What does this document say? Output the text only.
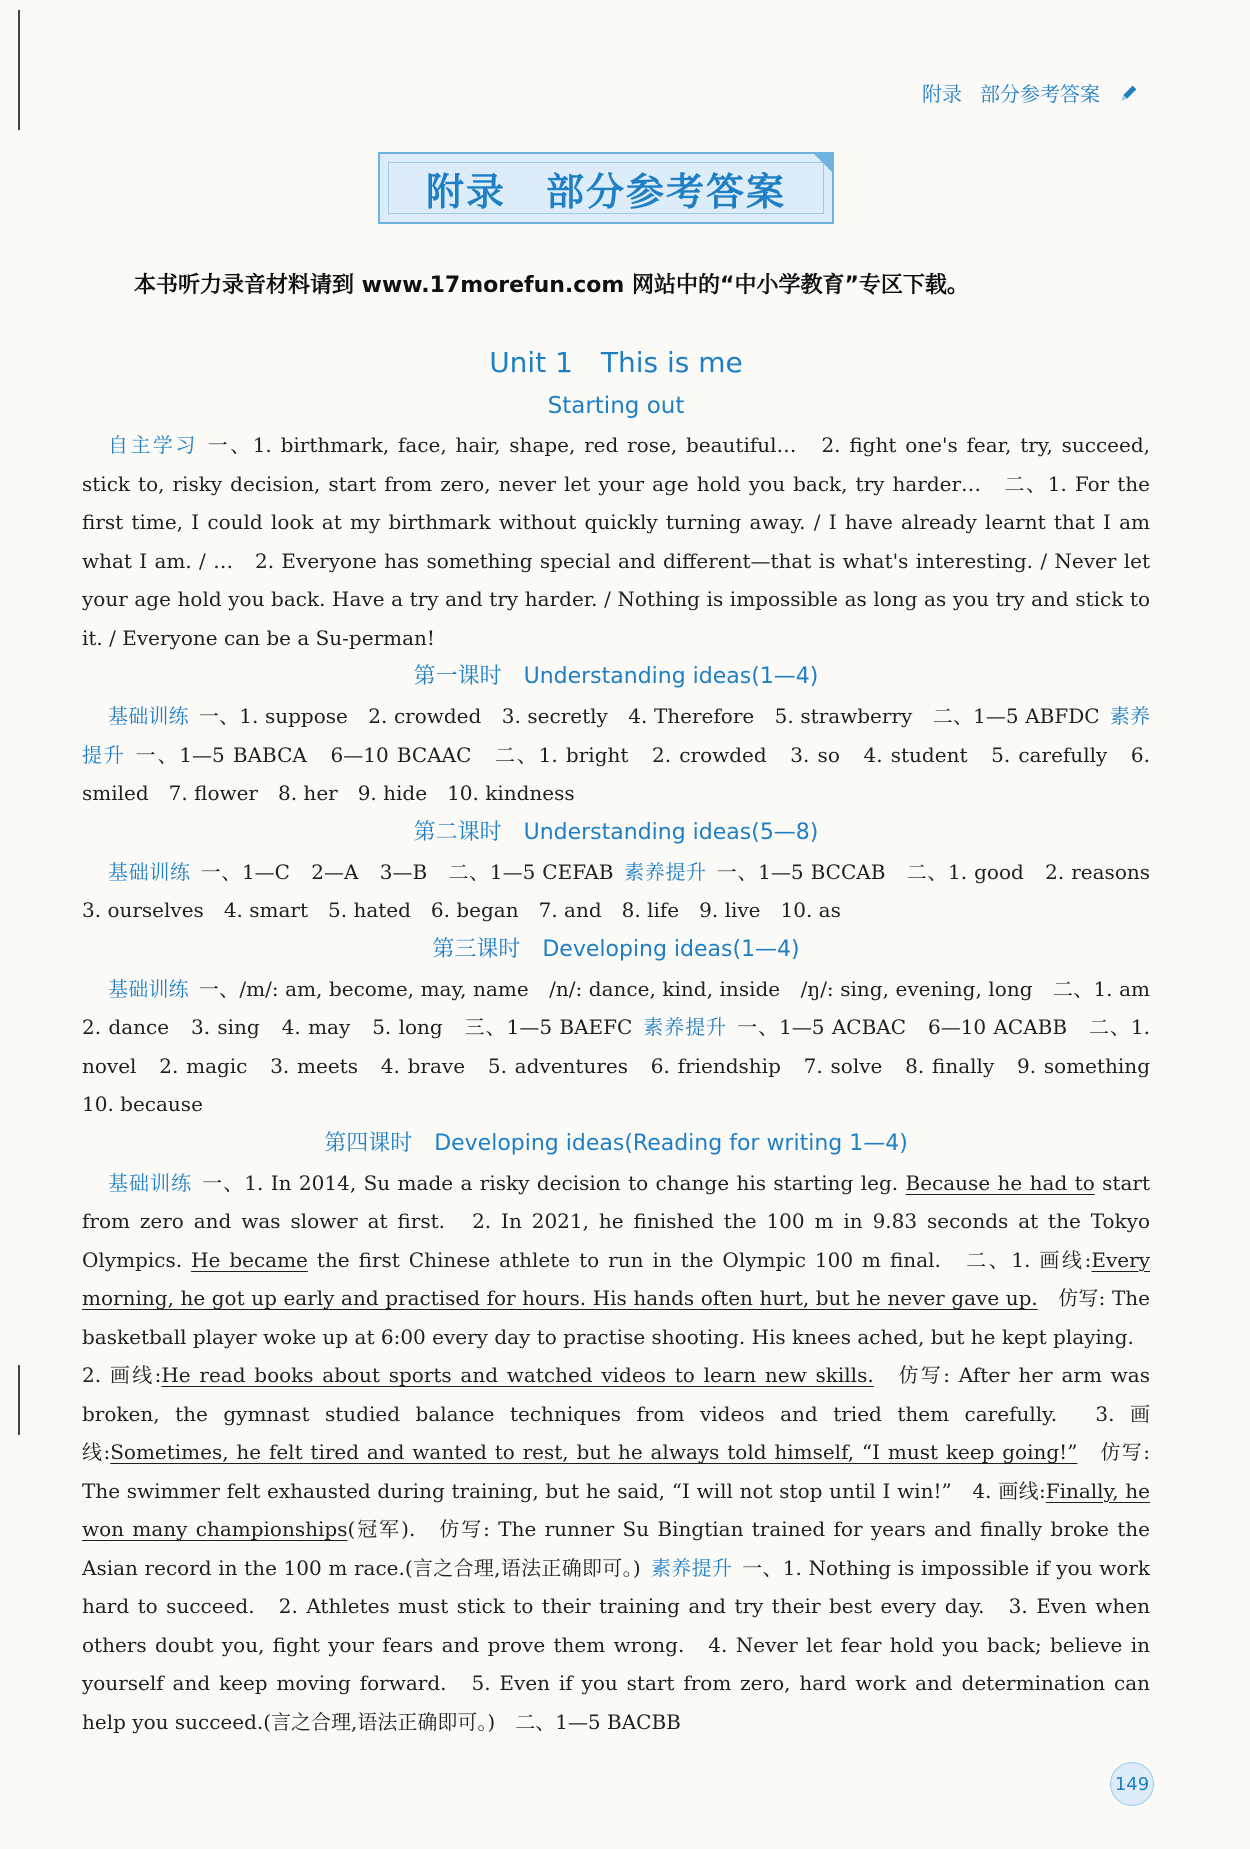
附录 部分参考答案
附录　部分参考答案
本书听力录音材料请到 www.17morefun.com 网站中的“中小学教育”专区下载。
Unit 1　This is me
Starting out

自主学习 一、1. birthmark, face, hair, shape, red rose, beautiful…　2. fight one's fear, try, succeed, stick to, risky decision, start from zero, never let your age hold you back, try harder…　二、1. For the first time, I could look at my birthmark without quickly turning away. / I have already learnt that I am what I am. / …　2. Everyone has something special and different—that is what's interesting. / Never let your age hold you back. Have a try and try harder. / Nothing is impossible as long as you try and stick to it. / Everyone can be a Su-perman!

第一课时　Understanding ideas(1—4)

基础训练 一、1. suppose　2. crowded　3. secretly　4. Therefore　5. strawberry　二、1—5 ABFDC 素养提升 一、1—5 BABCA　6—10 BCAAC　二、1. bright　2. crowded　3. so　4. student　5. carefully　6. smiled　7. flower　8. her　9. hide　10. kindness

第二课时　Understanding ideas(5—8)

基础训练 一、1—C　2—A　3—B　二、1—5 CEFAB 素养提升 一、1—5 BCCAB　二、1. good　2. reasons　3. ourselves　4. smart　5. hated　6. began　7. and　8. life　9. live　10. as

第三课时　Developing ideas(1—4)

基础训练 一、/m/: am, become, may, name　/n/: dance, kind, inside　/ŋ/: sing, evening, long　二、1. am　2. dance　3. sing　4. may　5. long　三、1—5 BAEFC 素养提升 一、1—5 ACBAC　6—10 ACABB　二、1. novel　2. magic　3. meets　4. brave　5. adventures　6. friendship　7. solve　8. finally　9. something　10. because

第四课时　Developing ideas(Reading for writing 1—4)

基础训练 一、1. In 2014, Su made a risky decision to change his starting leg. Because he had to start from zero and was slower at first.　2. In 2021, he finished the 100 m in 9.83 seconds at the Tokyo Olympics. He became the first Chinese athlete to run in the Olympic 100 m final.　二、1. 画线:Every morning, he got up early and practised for hours. His hands often hurt, but he never gave up.　仿写: The basketball player woke up at 6:00 every day to practise shooting. His knees ached, but he kept playing.
2. 画线:He read books about sports and watched videos to learn new skills.　仿写: After her arm was broken, the gymnast studied balance techniques from videos and tried them carefully.　3. 画线:Sometimes, he felt tired and wanted to rest, but he always told himself, “I must keep going!”　仿写: The swimmer felt exhausted during training, but he said, “I will not stop until I win!”　4. 画线:Finally, he won many championships(冠军).　仿写: The runner Su Bingtian trained for years and finally broke the Asian record in the 100 m race.(言之合理,语法正确即可。) 素养提升 一、1. Nothing is impossible if you work hard to succeed.　2. Athletes must stick to their training and try their best every day.　3. Even when others doubt you, fight your fears and prove them wrong.　4. Never let fear hold you back; believe in yourself and keep moving forward.　5. Even if you start from zero, hard work and determination can help you succeed.(言之合理,语法正确即可。)　二、1—5 BACBB

149
